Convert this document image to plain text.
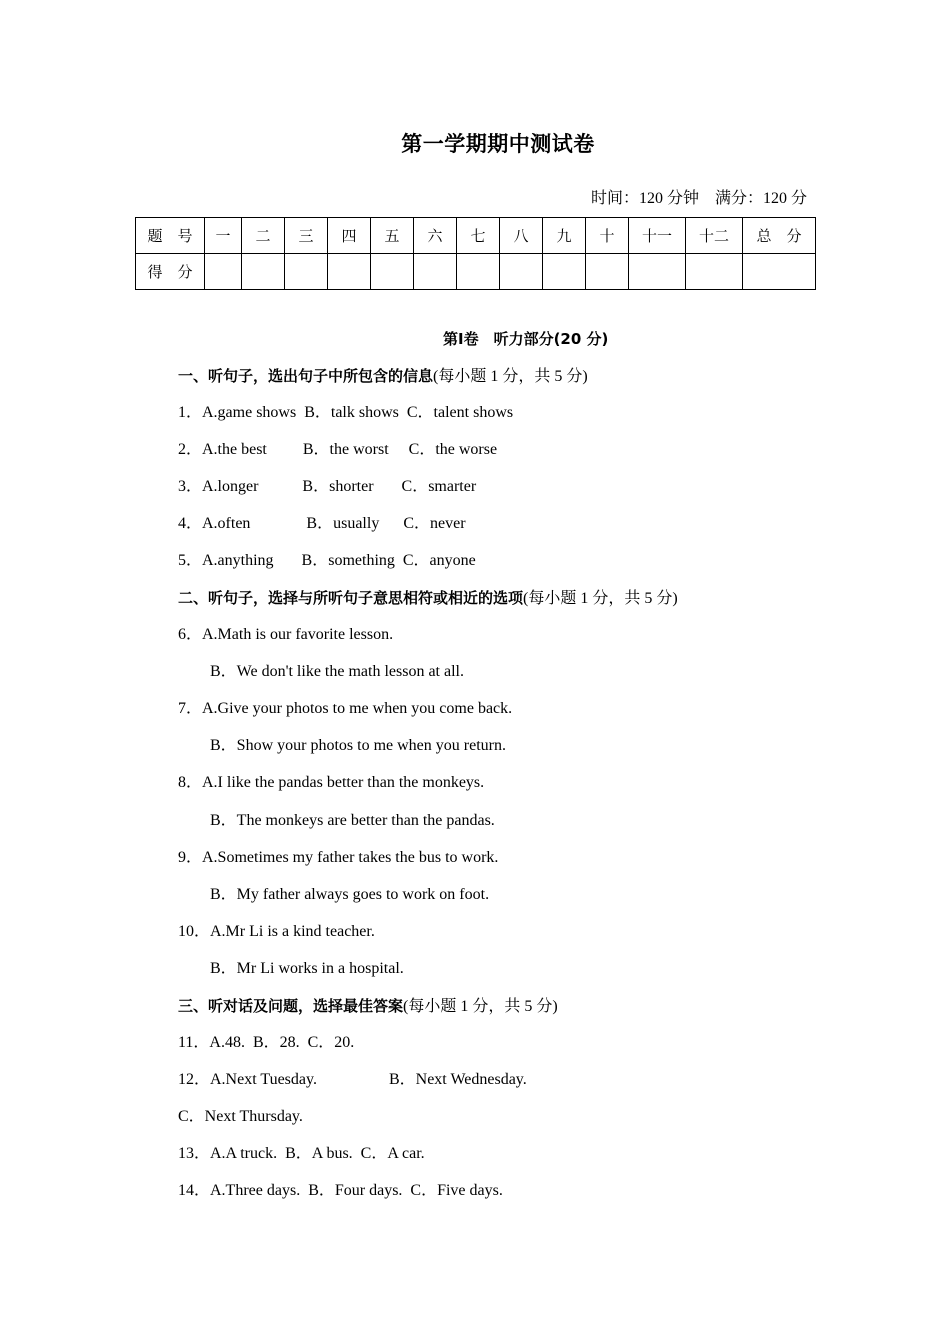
第一学期期中测试卷
时间：120 分钟    满分：120 分
题　号	一	二	三	四	五	六	七	八	九	十	十一	十二	总　分
得　分													
第Ⅰ卷　听力部分(20 分)
一、听句子，选出句子中所包含的信息(每小题 1 分，共 5 分)
1．A.game shows  B．talk shows  C．talent shows
2．A.the best         B．the worst     C．the worse
3．A.longer           B．shorter       C．smarter
4．A.often              B．usually      C．never
5．A.anything       B．something  C．anyone
二、听句子，选择与所听句子意思相符或相近的选项(每小题 1 分，共 5 分)
6．A.Math is our favorite lesson.
B．We don't like the math lesson at all.
7．A.Give your photos to me when you come back.
B．Show your photos to me when you return.
8．A.I like the pandas better than the monkeys.
B．The monkeys are better than the pandas.
9．A.Sometimes my father takes the bus to work.
B．My father always goes to work on foot.
10．A.Mr Li is a kind teacher.
B．Mr Li works in a hospital.
三、听对话及问题，选择最佳答案(每小题 1 分，共 5 分)
11．A.48.  B．28.  C．20.
12．A.Next Tuesday.                  B．Next Wednesday.
C．Next Thursday.
13．A.A truck.  B．A bus.  C．A car.
14．A.Three days.  B．Four days.  C．Five days.
